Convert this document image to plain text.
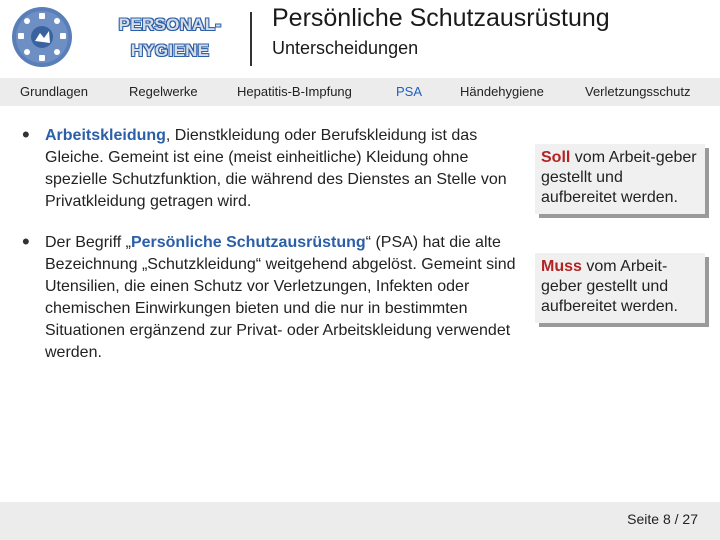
PERSONAL-
HYGIENE
Persönliche Schutzausrüstung
Unterscheidungen
Grundlagen	Regelwerke	Hepatitis-B-Impfung	PSA	Händehygiene	Verletzungsschutz
• Arbeitskleidung, Dienstkleidung oder Berufskleidung ist das Gleiche. Gemeint ist eine (meist einheitliche) Kleidung ohne spezielle Schutzfunktion, die während des Dienstes an Stelle von Privatkleidung getragen wird.
Soll vom Arbeit-geber gestellt und aufbereitet werden.
• Der Begriff „Persönliche Schutzausrüstung“ (PSA) hat die alte Bezeichnung „Schutzkleidung“ weitgehend abgelöst. Gemeint sind Utensilien, die einen Schutz vor Verletzungen, Infekten oder chemischen Einwirkungen bieten und die nur in bestimmten Situationen ergänzend zur Privat- oder Arbeitskleidung verwendet werden.
Muss vom Arbeit-geber gestellt und aufbereitet werden.
Seite 8 / 27
